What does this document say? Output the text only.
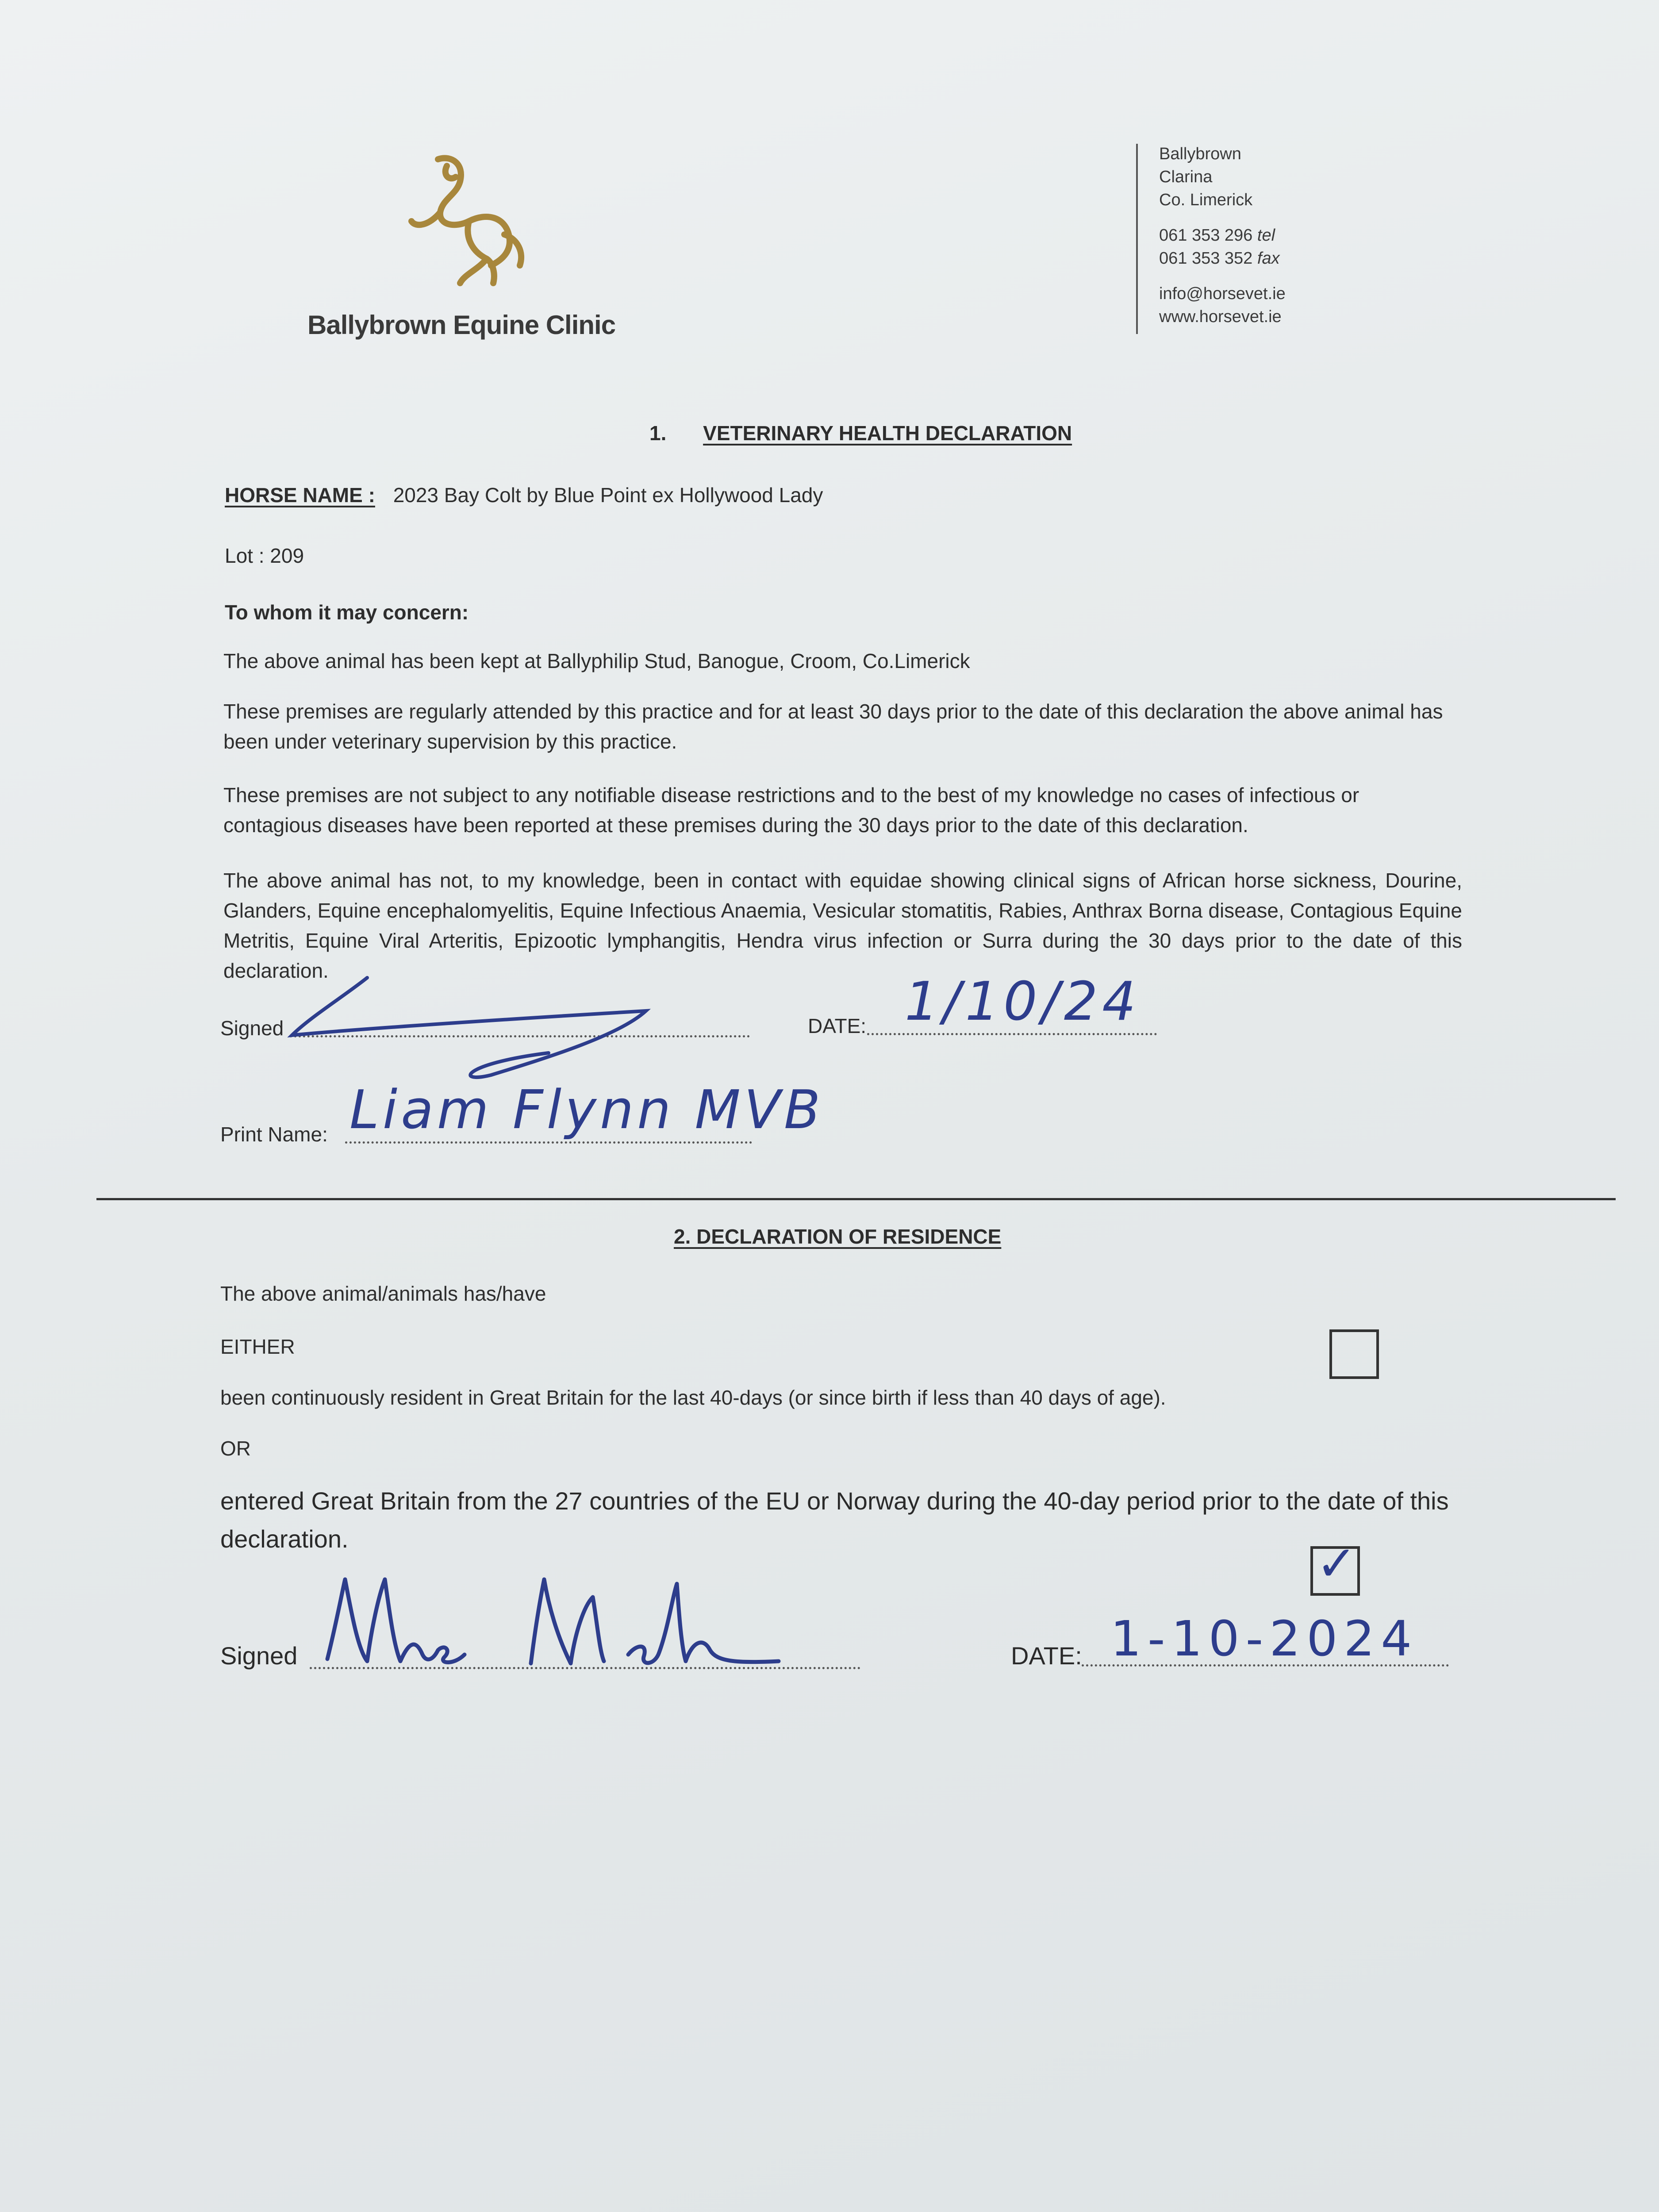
Ballybrown Equine Clinic
Ballybrown
Clarina
Co. Limerick
061 353 296 tel
061 353 352 fax
info@horsevet.ie
www.horsevet.ie
1. VETERINARY HEALTH DECLARATION
HORSE NAME : 2023 Bay Colt by Blue Point ex Hollywood Lady
Lot : 209
To whom it may concern:
The above animal has been kept at Ballyphilip Stud, Banogue, Croom, Co.Limerick
These premises are regularly attended by this practice and for at least 30 days prior to the date of this declaration the above animal has been under veterinary supervision by this practice.
These premises are not subject to any notifiable disease restrictions and to the best of my knowledge no cases of infectious or contagious diseases have been reported at these premises during the 30 days prior to the date of this declaration.
The above animal has not, to my knowledge, been in contact with equidae showing clinical signs of African horse sickness, Dourine, Glanders, Equine encephalomyelitis, Equine Infectious Anaemia, Vesicular stomatitis, Rabies, Anthrax Borna disease, Contagious Equine Metritis, Equine Viral Arteritis, Epizootic lymphangitis, Hendra virus infection or Surra during the 30 days prior to the date of this declaration.
Signed	DATE: 1/10/24
Print Name: Liam Flynn MVB
2. DECLARATION OF RESIDENCE
The above animal/animals has/have
EITHER
been continuously resident in Great Britain for the last 40-days (or since birth if less than 40 days of age).
OR
entered Great Britain from the 27 countries of the EU or Norway during the 40-day period prior to the date of this declaration.	✓
Signed	DATE: 1-10-2024
